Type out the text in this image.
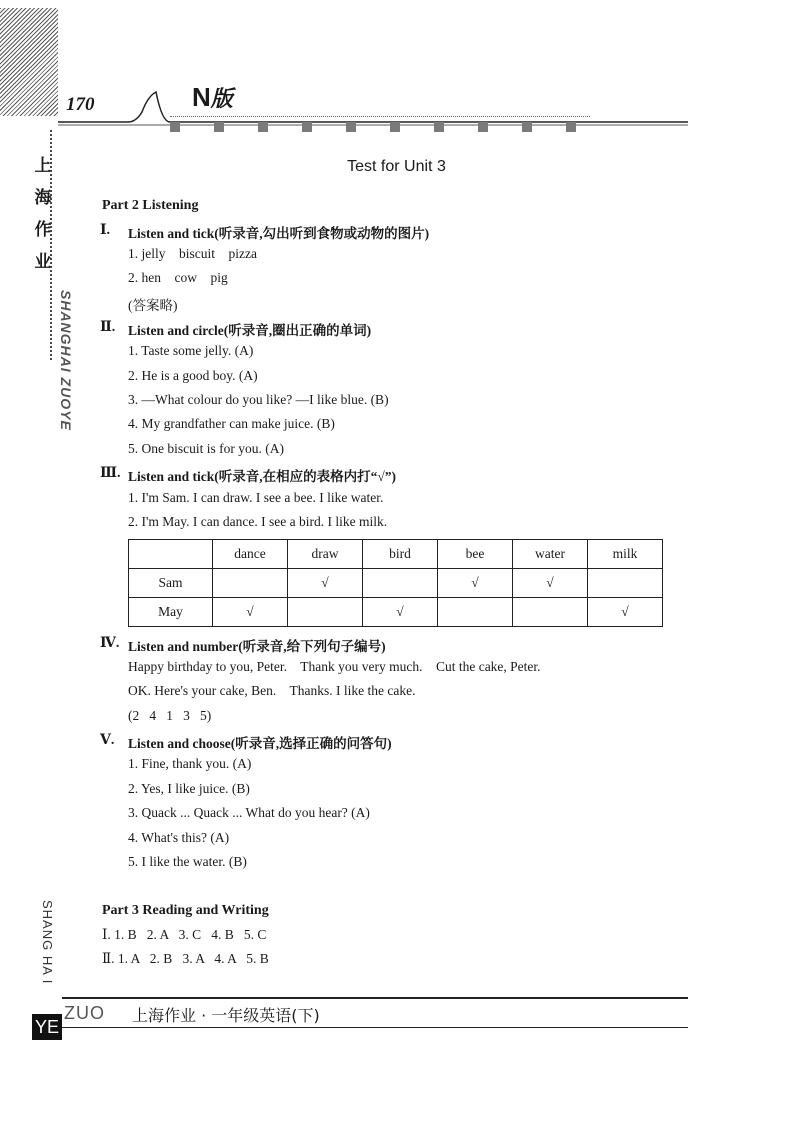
170	N版
上
海
作
业
SHANGHAI ZUOYE
Test for Unit 3
Part 2 Listening
Ⅰ. Listen and tick(听录音,勾出听到食物或动物的图片)
1. jelly    biscuit    pizza
2. hen    cow    pig
(答案略)
Ⅱ. Listen and circle(听录音,圈出正确的单词)
1. Taste some jelly. (A)
2. He is a good boy. (A)
3. —What colour do you like? —I like blue. (B)
4. My grandfather can make juice. (B)
5. One biscuit is for you. (A)
Ⅲ. Listen and tick(听录音,在相应的表格内打“√”)
1. I'm Sam. I can draw. I see a bee. I like water.
2. I'm May. I can dance. I see a bird. I like milk.
	dance	draw	bird	bee	water	milk
Sam		√		√	√	
May	√		√			√
Ⅳ. Listen and number(听录音,给下列句子编号)
Happy birthday to you, Peter.    Thank you very much.    Cut the cake, Peter.
OK. Here's your cake, Ben.    Thanks. I like the cake.
(2   4   1   3   5)
Ⅴ. Listen and choose(听录音,选择正确的问答句)
1. Fine, thank you. (A)
2. Yes, I like juice. (B)
3. Quack ... Quack ... What do you hear? (A)
4. What's this? (A)
5. I like the water. (B)
Part 3 Reading and Writing
Ⅰ. 1. B   2. A   3. C   4. B   5. C
Ⅱ. 1. A   2. B   3. A   4. A   5. B
SHANG HA I
YE
ZUO 上海作业 · 一年级英语(下)
